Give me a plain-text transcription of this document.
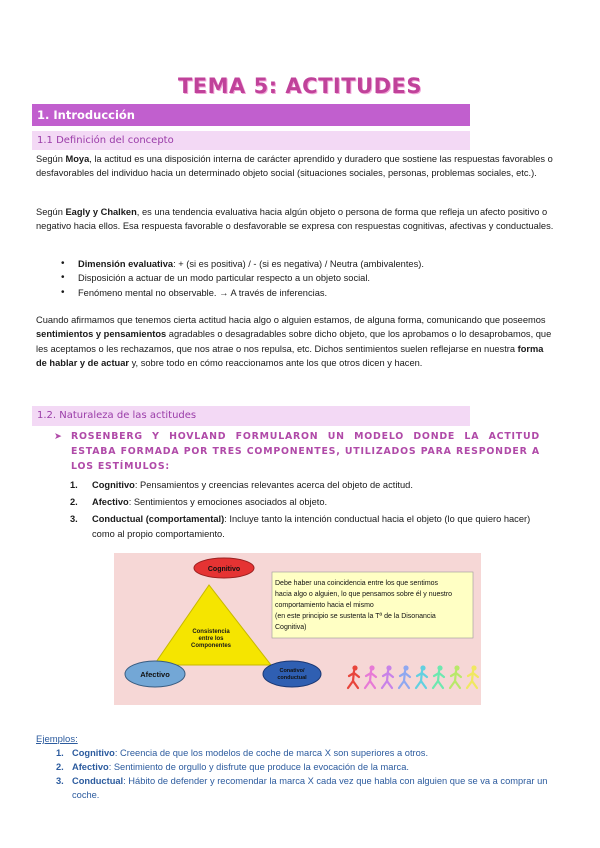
TEMA 5: ACTITUDES
1. Introducción
1.1 Definición del concepto
Según Moya, la actitud es una disposición interna de carácter aprendido y duradero que sostiene las respuestas favorables o desfavorables del individuo hacia un determinado objeto social (situaciones sociales, personas, problemas sociales, etc.).
Según Eagly y Chalken, es una tendencia evaluativa hacia algún objeto o persona de forma que refleja un afecto positivo o negativo hacia ellos. Esa respuesta favorable o desfavorable se expresa con respuestas cognitivas, afectivas y conductuales.
• Dimensión evaluativa: + (si es positiva) / - (si es negativa) / Neutra (ambivalentes).
• Disposición a actuar de un modo particular respecto a un objeto social.
• Fenómeno mental no observable. → A través de inferencias.
Cuando afirmamos que tenemos cierta actitud hacia algo o alguien estamos, de alguna forma, comunicando que poseemos sentimientos y pensamientos agradables o desagradables sobre dicho objeto, que los aprobamos o lo desaprobamos, que les aceptamos o les rechazamos, que nos atrae o nos repulsa, etc. Dichos sentimientos suelen reflejarse en nuestra forma de hablar y de actuar y, sobre todo en cómo reaccionamos ante los que otros dicen y hacen.
1.2. Naturaleza de las actitudes
➤ ROSENBERG Y HOVLAND FORMULARON UN MODELO DONDE LA ACTITUD ESTABA FORMADA POR TRES COMPONENTES, UTILIZADOS PARA RESPONDER A LOS ESTÍMULOS:
1. Cognitivo: Pensamientos y creencias relevantes acerca del objeto de actitud.
2. Afectivo: Sentimientos y emociones asociados al objeto.
3. Conductual (comportamental): Incluye tanto la intención conductual hacia el objeto (lo que quiero hacer) como al propio comportamiento.
Cognitivo
Consistencia
entre los
Componentes
Afectivo	Conativo/
conductual
Debe haber una coincidencia entre los que sentimos
hacia algo o alguien, lo que pensamos sobre él y nuestro
comportamiento hacia el mismo
(en este principio se sustenta la Tª de la Disonancia
Cognitiva)
Ejemplos:
1. Cognitivo: Creencia de que los modelos de coche de marca X son superiores a otros.
2. Afectivo: Sentimiento de orgullo y disfrute que produce la evocación de la marca.
3. Conductual: Hábito de defender y recomendar la marca X cada vez que habla con alguien que se va a comprar un coche.
